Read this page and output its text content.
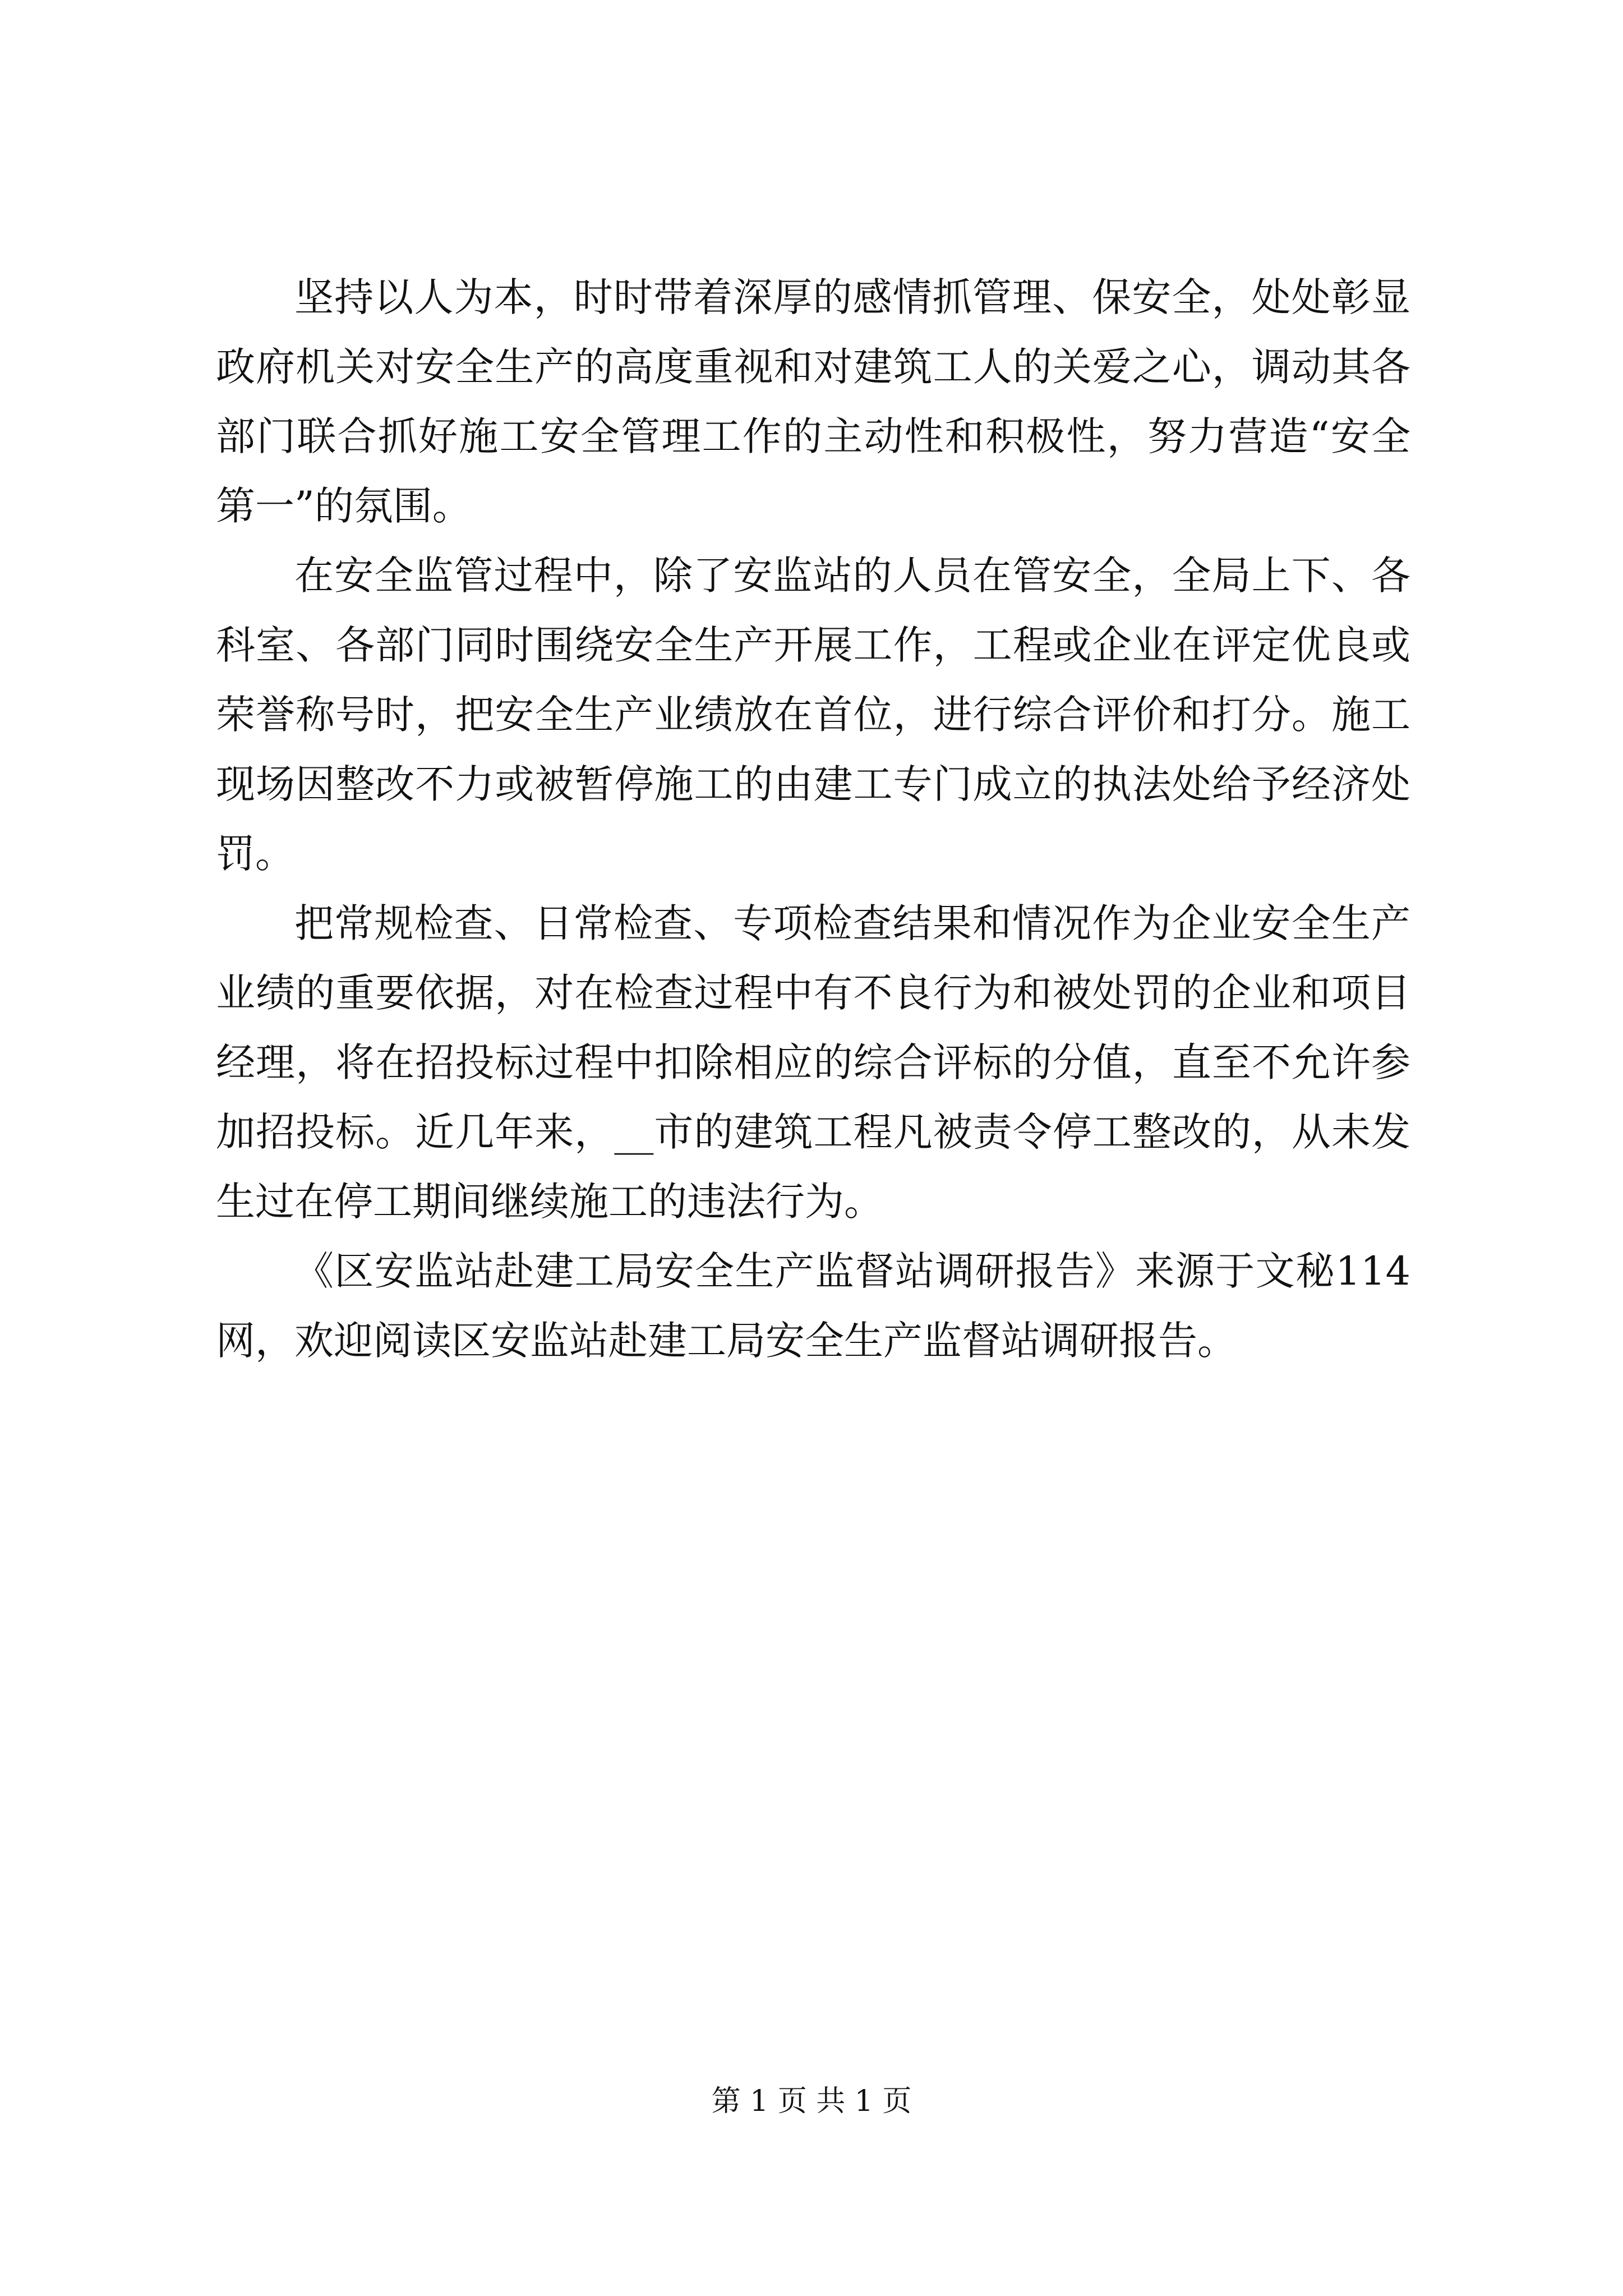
坚持以人为本，时时带着深厚的感情抓管理、保安全，处处彰显政府机关对安全生产的高度重视和对建筑工人的关爱之心，调动其各部门联合抓好施工安全管理工作的主动性和积极性，努力营造“安全第一”的氛围。

在安全监管过程中，除了安监站的人员在管安全，全局上下、各科室、各部门同时围绕安全生产开展工作，工程或企业在评定优良或荣誉称号时，把安全生产业绩放在首位，进行综合评价和打分。施工现场因整改不力或被暂停施工的由建工专门成立的执法处给予经济处罚。

把常规检查、日常检查、专项检查结果和情况作为企业安全生产业绩的重要依据，对在检查过程中有不良行为和被处罚的企业和项目经理，将在招投标过程中扣除相应的综合评标的分值，直至不允许参加招投标。近几年来，__市的建筑工程凡被责令停工整改的，从未发生过在停工期间继续施工的违法行为。

《区安监站赴建工局安全生产监督站调研报告》来源于文秘114网，欢迎阅读区安监站赴建工局安全生产监督站调研报告。

第 1 页 共 1 页
